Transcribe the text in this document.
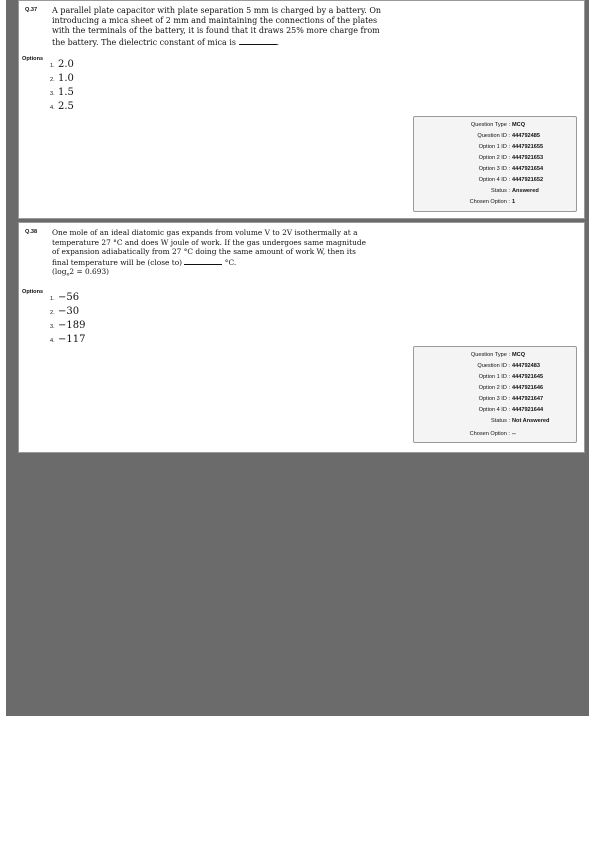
Q.37 A parallel plate capacitor with plate separation 5 mm is charged by a battery. On
introducing a mica sheet of 2 mm and maintaining the connections of the plates
with the terminals of the battery, it is found that it draws 25% more charge from
the battery. The dielectric constant of mica is	.
Options
1. 2.0
2. 1.0
3. 1.5
4. 2.5
Question Type : MCQ
Question ID : 444792485
Option 1 ID : 4447921655
Option 2 ID : 4447921653
Option 3 ID : 4447921654
Option 4 ID : 4447921652
Status : Answered
Chosen Option : 1
Q.38 One mole of an ideal diatomic gas expands from volume V to 2V isothermally at a
temperature 27 °C and does W joule of work. If the gas undergoes same magnitude
of expansion adiabatically from 27 °C doing the same amount of work W, then its
final temperature will be (close to)	°C.
$(\log_e2 = 0.693)$
Options
1. −56
2. −30
3. −189
4. −117
Question Type : MCQ
Question ID : 444792483
Option 1 ID : 4447921645
Option 2 ID : 4447921646
Option 3 ID : 4447921647
Option 4 ID : 4447921644
Status : Not Answered
Chosen Option : --
